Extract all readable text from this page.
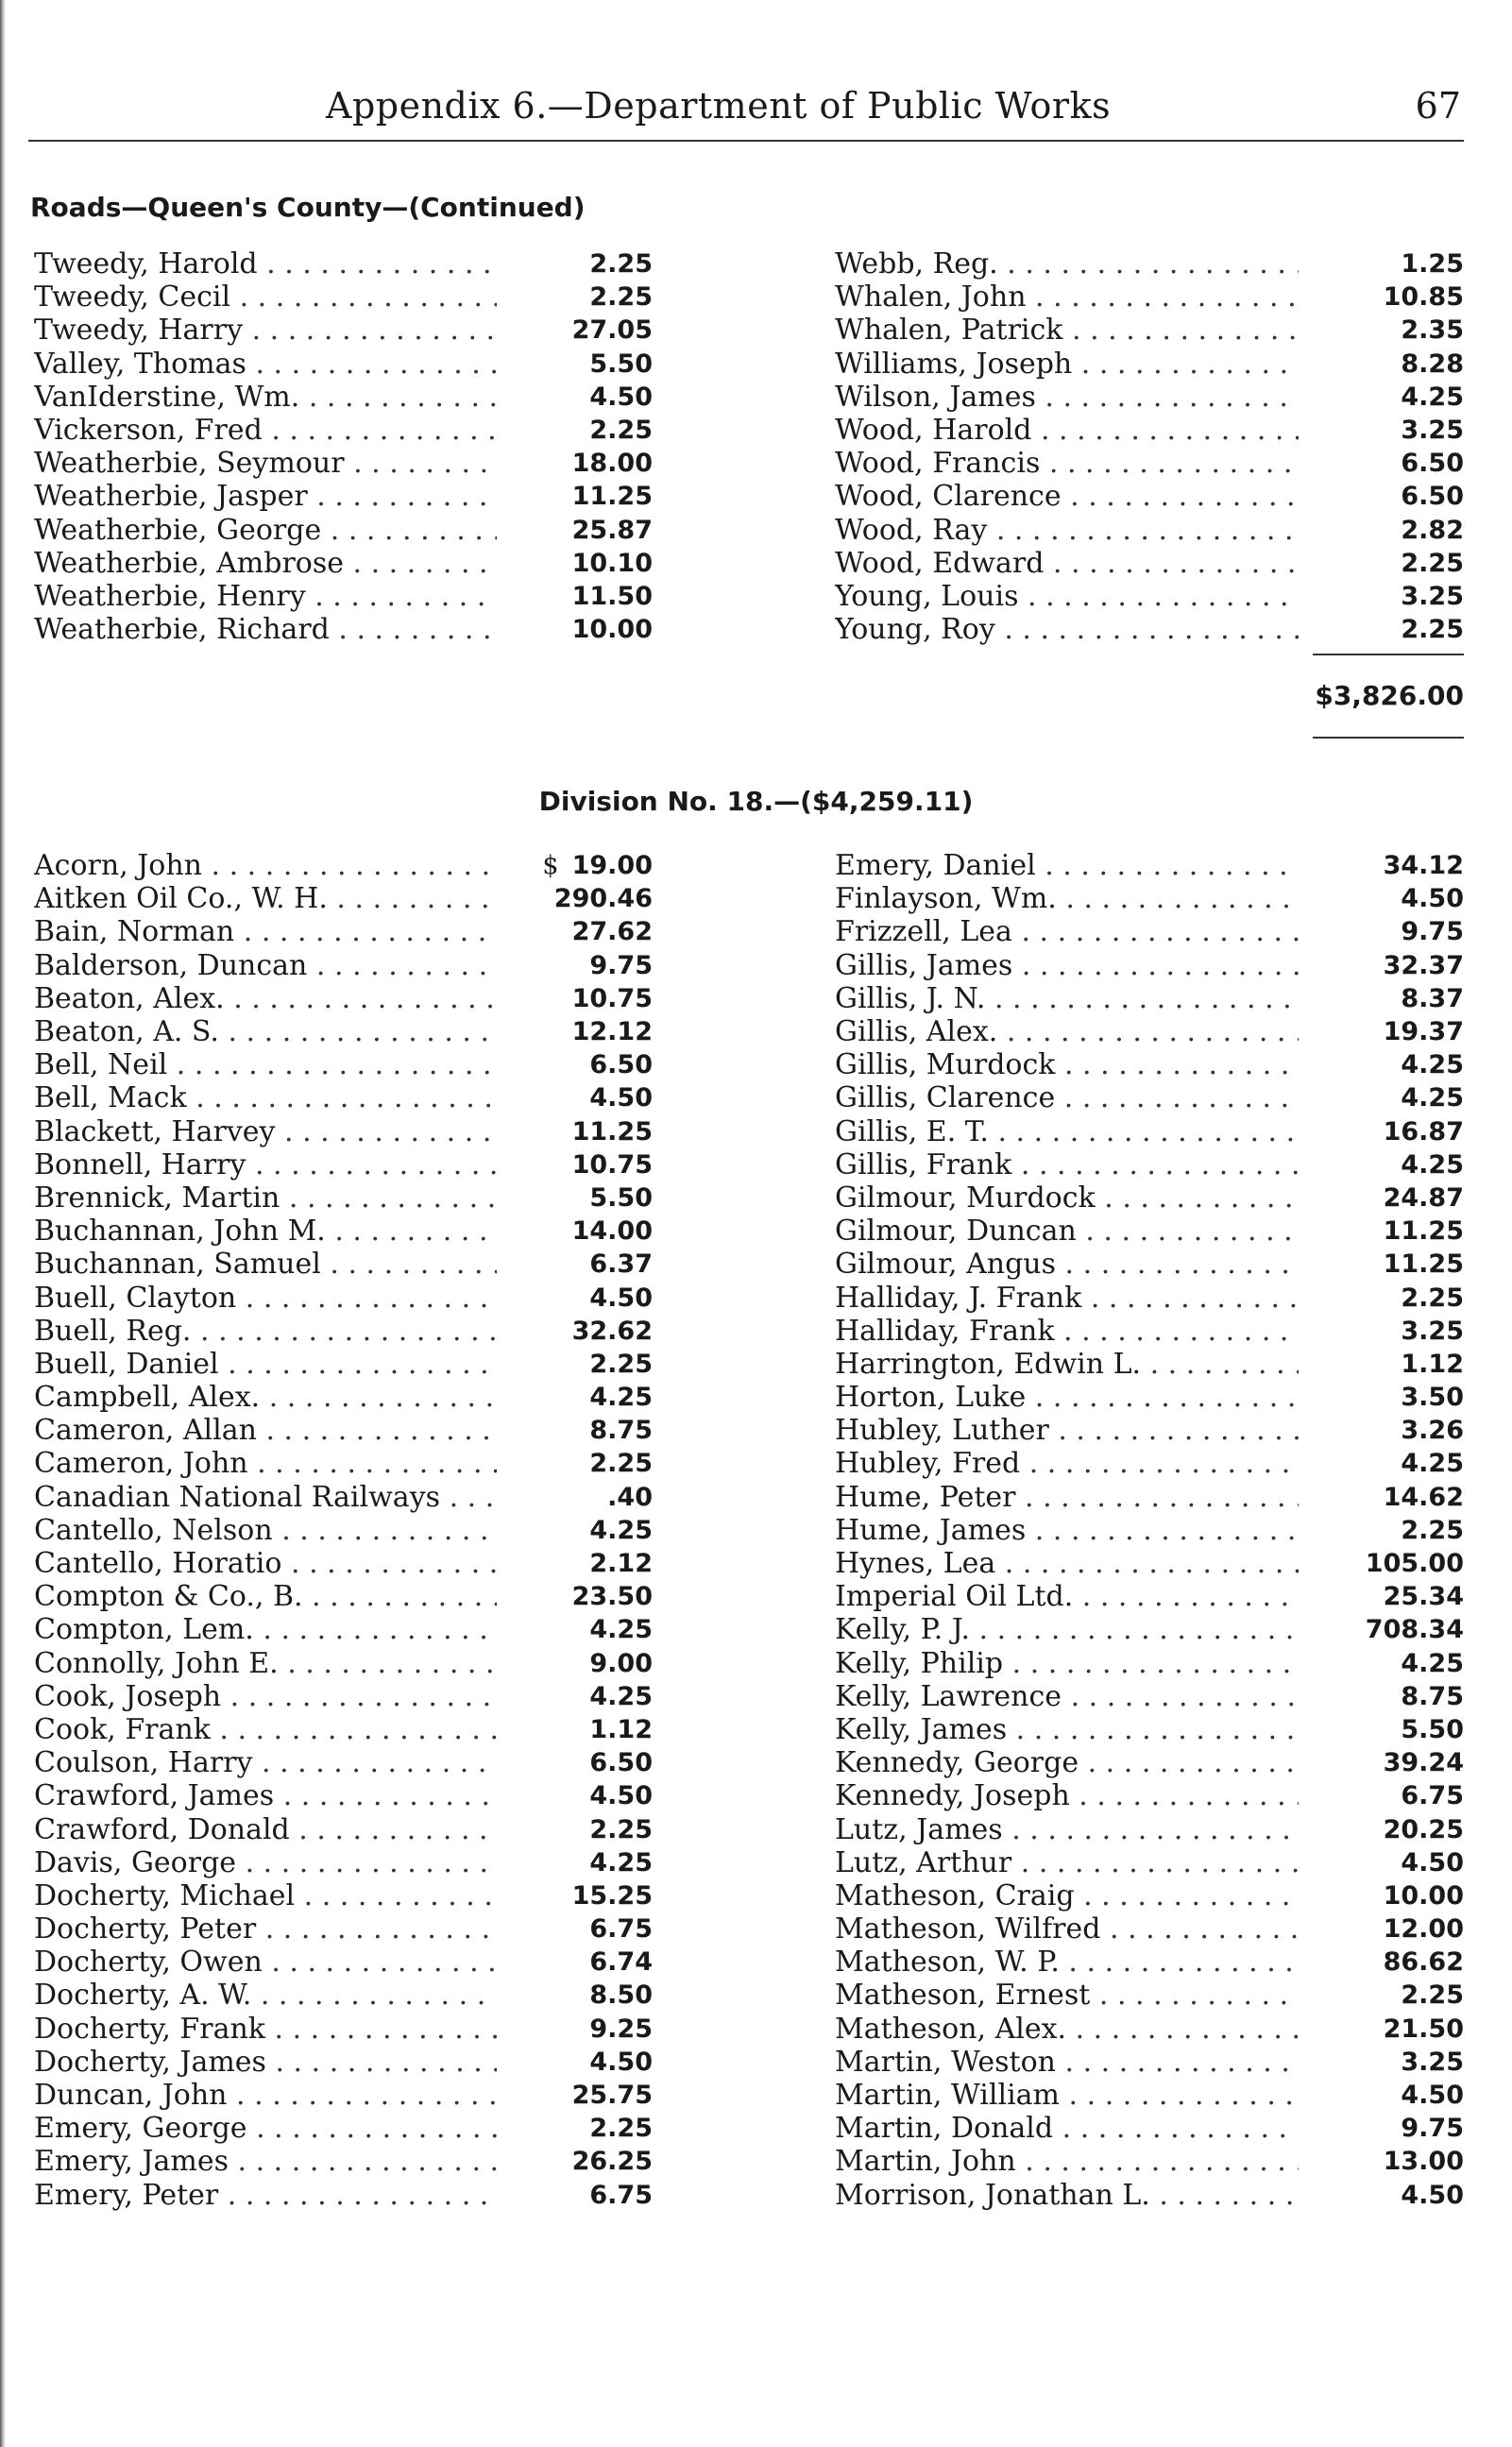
Appendix 6.—Department of Public Works	67
Roads—Queen's County—(Continued)
Tweedy, Harold . . .	2.25
Tweedy, Cecil . . .	2.25
Tweedy, Harry . . .	27.05
Valley, Thomas . . .	5.50
VanIderstine, Wm. . . .	4.50
Vickerson, Fred . . .	2.25
Weatherbie, Seymour . . .	18.00
Weatherbie, Jasper . . .	11.25
Weatherbie, George . . .	25.87
Weatherbie, Ambrose . . .	10.10
Weatherbie, Henry . . .	11.50
Weatherbie, Richard . . .	10.00
Webb, Reg. . . .	1.25
Whalen, John . . .	10.85
Whalen, Patrick . . .	2.35
Williams, Joseph . . .	8.28
Wilson, James . . .	4.25
Wood, Harold . . .	3.25
Wood, Francis . . .	6.50
Wood, Clarence . . .	6.50
Wood, Ray . . .	2.82
Wood, Edward . . .	2.25
Young, Louis . . .	3.25
Young, Roy . . .	2.25
$3,826.00
Division No. 18.—($4,259.11)
Acorn, John . . .	$ 19.00
Aitken Oil Co., W. H. . . .	290.46
Bain, Norman . . .	27.62
Balderson, Duncan . . .	9.75
Beaton, Alex. . . .	10.75
Beaton, A. S. . . .	12.12
Bell, Neil . . .	6.50
Bell, Mack . . .	4.50
Blackett, Harvey . . .	11.25
Bonnell, Harry . . .	10.75
Brennick, Martin . . .	5.50
Buchannan, John M. . . .	14.00
Buchannan, Samuel . . .	6.37
Buell, Clayton . . .	4.50
Buell, Reg. . . .	32.62
Buell, Daniel . . .	2.25
Campbell, Alex. . . .	4.25
Cameron, Allan . . .	8.75
Cameron, John . . .	2.25
Canadian National Railways . . .	.40
Cantello, Nelson . . .	4.25
Cantello, Horatio . . .	2.12
Compton & Co., B. . . .	23.50
Compton, Lem. . . .	4.25
Connolly, John E. . . .	9.00
Cook, Joseph . . .	4.25
Cook, Frank . . .	1.12
Coulson, Harry . . .	6.50
Crawford, James . . .	4.50
Crawford, Donald . . .	2.25
Davis, George . . .	4.25
Docherty, Michael . . .	15.25
Docherty, Peter . . .	6.75
Docherty, Owen . . .	6.74
Docherty, A. W. . . .	8.50
Docherty, Frank . . .	9.25
Docherty, James . . .	4.50
Duncan, John . . .	25.75
Emery, George . . .	2.25
Emery, James . . .	26.25
Emery, Peter . . .	6.75
Emery, Daniel . . .	34.12
Finlayson, Wm. . . .	4.50
Frizzell, Lea . . .	9.75
Gillis, James . . .	32.37
Gillis, J. N. . . .	8.37
Gillis, Alex. . . .	19.37
Gillis, Murdock . . .	4.25
Gillis, Clarence . . .	4.25
Gillis, E. T. . . .	16.87
Gillis, Frank . . .	4.25
Gilmour, Murdock . . .	24.87
Gilmour, Duncan . . .	11.25
Gilmour, Angus . . .	11.25
Halliday, J. Frank . . .	2.25
Halliday, Frank . . .	3.25
Harrington, Edwin L. . . .	1.12
Horton, Luke . . .	3.50
Hubley, Luther . . .	3.26
Hubley, Fred . . .	4.25
Hume, Peter . . .	14.62
Hume, James . . .	2.25
Hynes, Lea . . .	105.00
Imperial Oil Ltd. . . .	25.34
Kelly, P. J. . . .	708.34
Kelly, Philip . . .	4.25
Kelly, Lawrence . . .	8.75
Kelly, James . . .	5.50
Kennedy, George . . .	39.24
Kennedy, Joseph . . .	6.75
Lutz, James . . .	20.25
Lutz, Arthur . . .	4.50
Matheson, Craig . . .	10.00
Matheson, Wilfred . . .	12.00
Matheson, W. P. . . .	86.62
Matheson, Ernest . . .	2.25
Matheson, Alex. . . .	21.50
Martin, Weston . . .	3.25
Martin, William . . .	4.50
Martin, Donald . . .	9.75
Martin, John . . .	13.00
Morrison, Jonathan L. . . .	4.50
